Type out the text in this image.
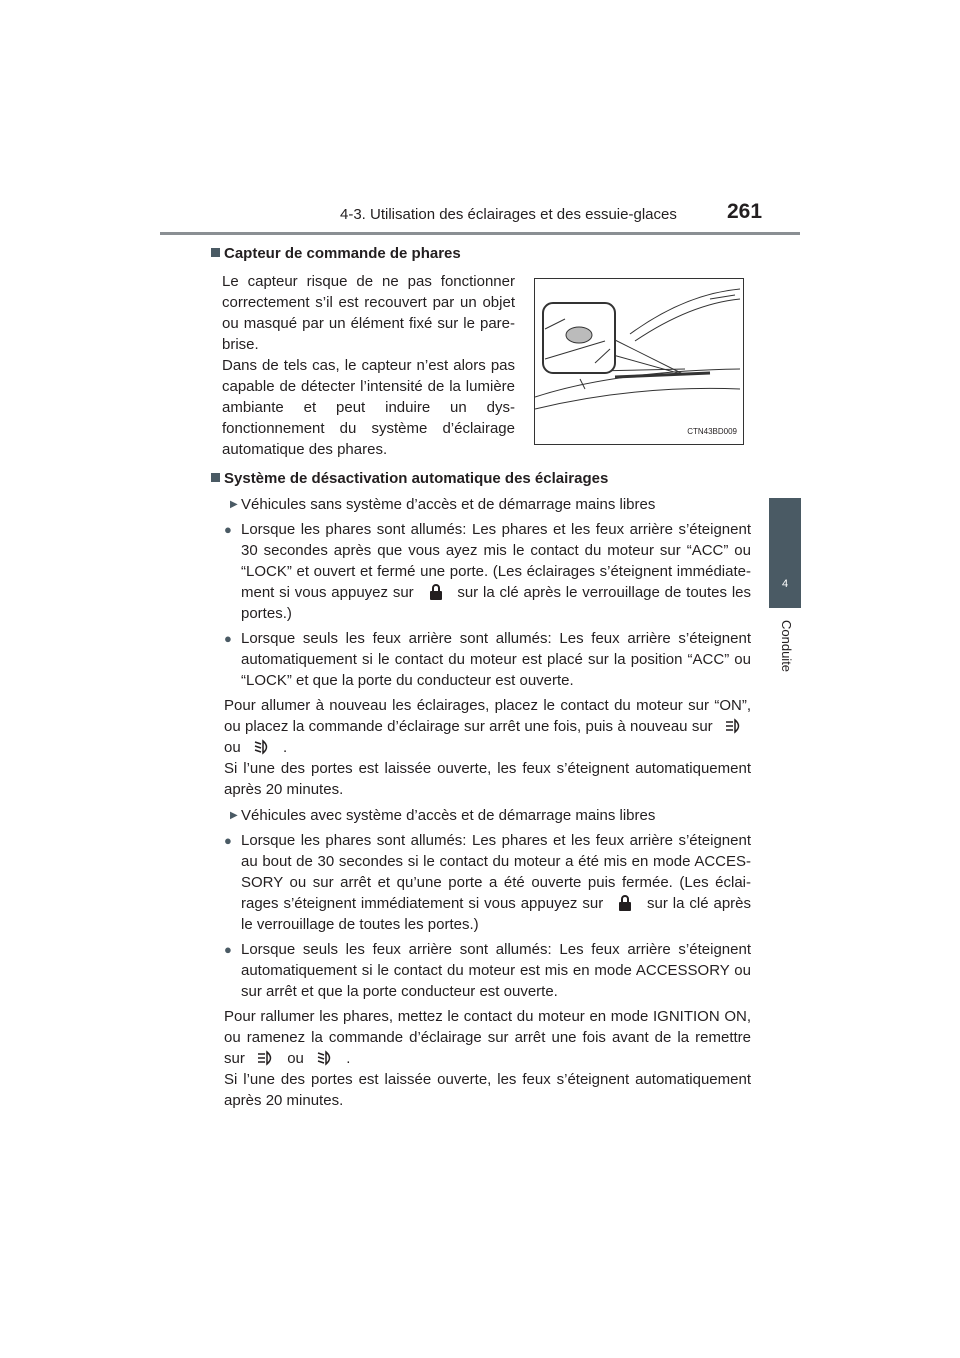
4-3. Utilisation des éclairages et des essuie-glaces 261
4
Conduite
Capteur de commande de phares

Le capteur risque de ne pas fonctionner correctement s’il est recouvert par un objet ou masqué par un élément fixé sur le pare-brise.

Dans de tels cas, le capteur n’est alors pas capable de détecter l’intensité de la lumière ambiante et peut induire un dys-fonctionnement du système d’éclairage automatique des phares.

CTN43BD009
Système de désactivation automatique des éclairages
▶ Véhicules sans système d’accès et de démarrage mains libres
● Lorsque les phares sont allumés: Les phares et les feux arrière s’éteignent 30 secondes après que vous ayez mis le contact du moteur sur “ACC” ou “LOCK” et ouvert et fermé une porte. (Les éclairages s’éteignent immédiate-ment si vous appuyez sur	sur la clé après le verrouillage de toutes les portes.)
● Lorsque seuls les feux arrière sont allumés: Les feux arrière s’éteignent automatiquement si le contact du moteur est placé sur la position “ACC” ou “LOCK” et que la porte du conducteur est ouverte.
Pour allumer à nouveau les éclairages, placez le contact du moteur sur “ON”, ou placez la commande d’éclairage sur arrêt une fois, puis à nouveau sur  ou	.
Si l’une des portes est laissée ouverte, les feux s’éteignent automatiquement après 20 minutes.
▶ Véhicules avec système d’accès et de démarrage mains libres
● Lorsque les phares sont allumés: Les phares et les feux arrière s’éteignent au bout de 30 secondes si le contact du moteur a été mis en mode ACCES-SORY ou sur arrêt et qu’une porte a été ouverte puis fermée. (Les éclai-rages s’éteignent immédiatement si vous appuyez sur	sur la clé après le verrouillage de toutes les portes.)
● Lorsque seuls les feux arrière sont allumés: Les feux arrière s’éteignent automatiquement si le contact du moteur est mis en mode ACCESSORY ou sur arrêt et que la porte conducteur est ouverte.
Pour rallumer les phares, mettez le contact du moteur en mode IGNITION ON, ou ramenez la commande d’éclairage sur arrêt une fois avant de la remettre sur	ou	.
Si l’une des portes est laissée ouverte, les feux s’éteignent automatiquement après 20 minutes.
